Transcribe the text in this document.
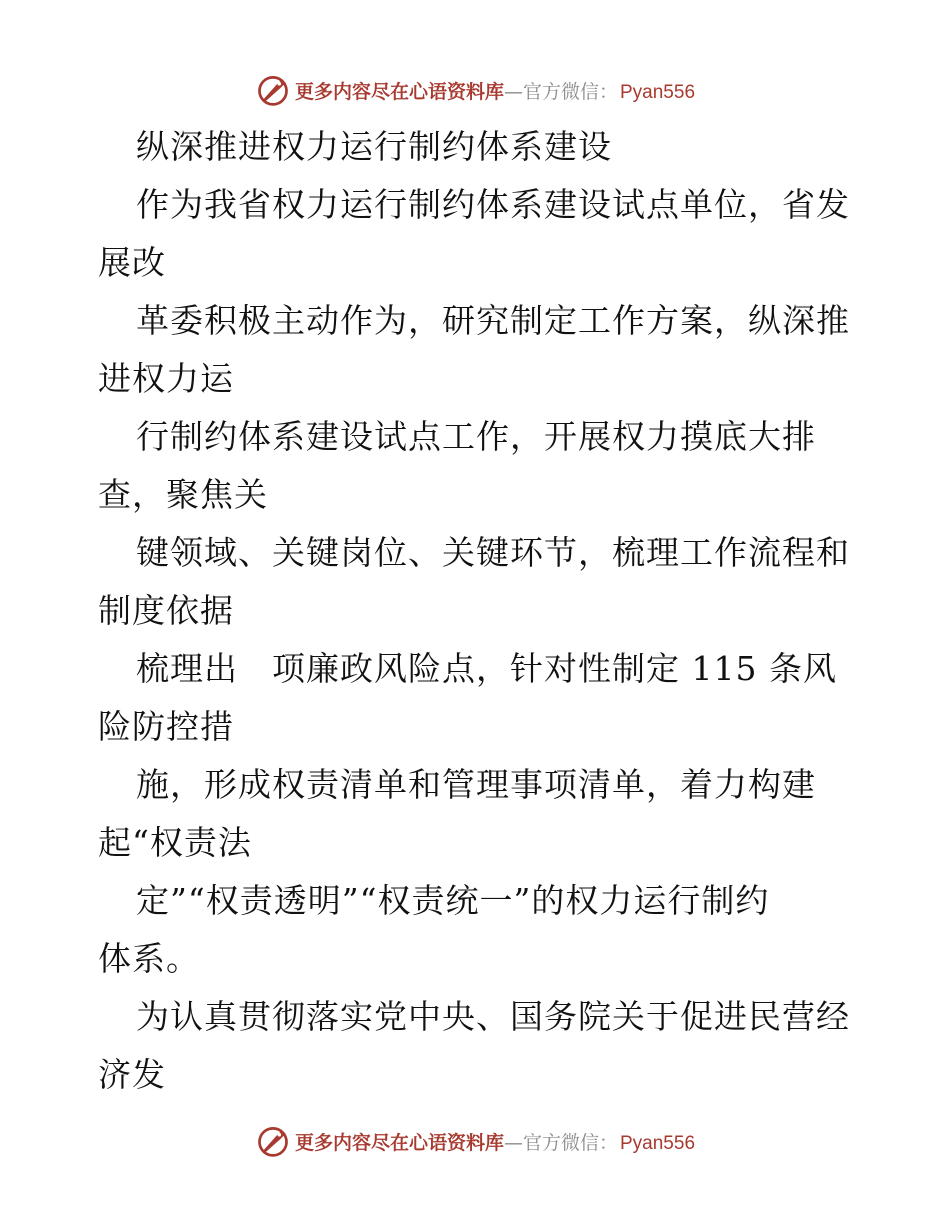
更多内容尽在心语资料库 — 官方微信： Pyan556
纵深推进权力运行制约体系建设
作为我省权力运行制约体系建设试点单位，省发
展改
革委积极主动作为，研究制定工作方案，纵深推
进权力运
行制约体系建设试点工作，开展权力摸底大排
查，聚焦关
键领域、关键岗位、关键环节，梳理工作流程和
制度依据
梳理出　项廉政风险点，针对性制定 115 条风
险防控措
施，形成权责清单和管理事项清单，着力构建
起“权责法
定”“权责透明”“权责统一”的权力运行制约
体系。
为认真贯彻落实党中央、国务院关于促进民营经
济发
更多内容尽在心语资料库 — 官方微信： Pyan556
